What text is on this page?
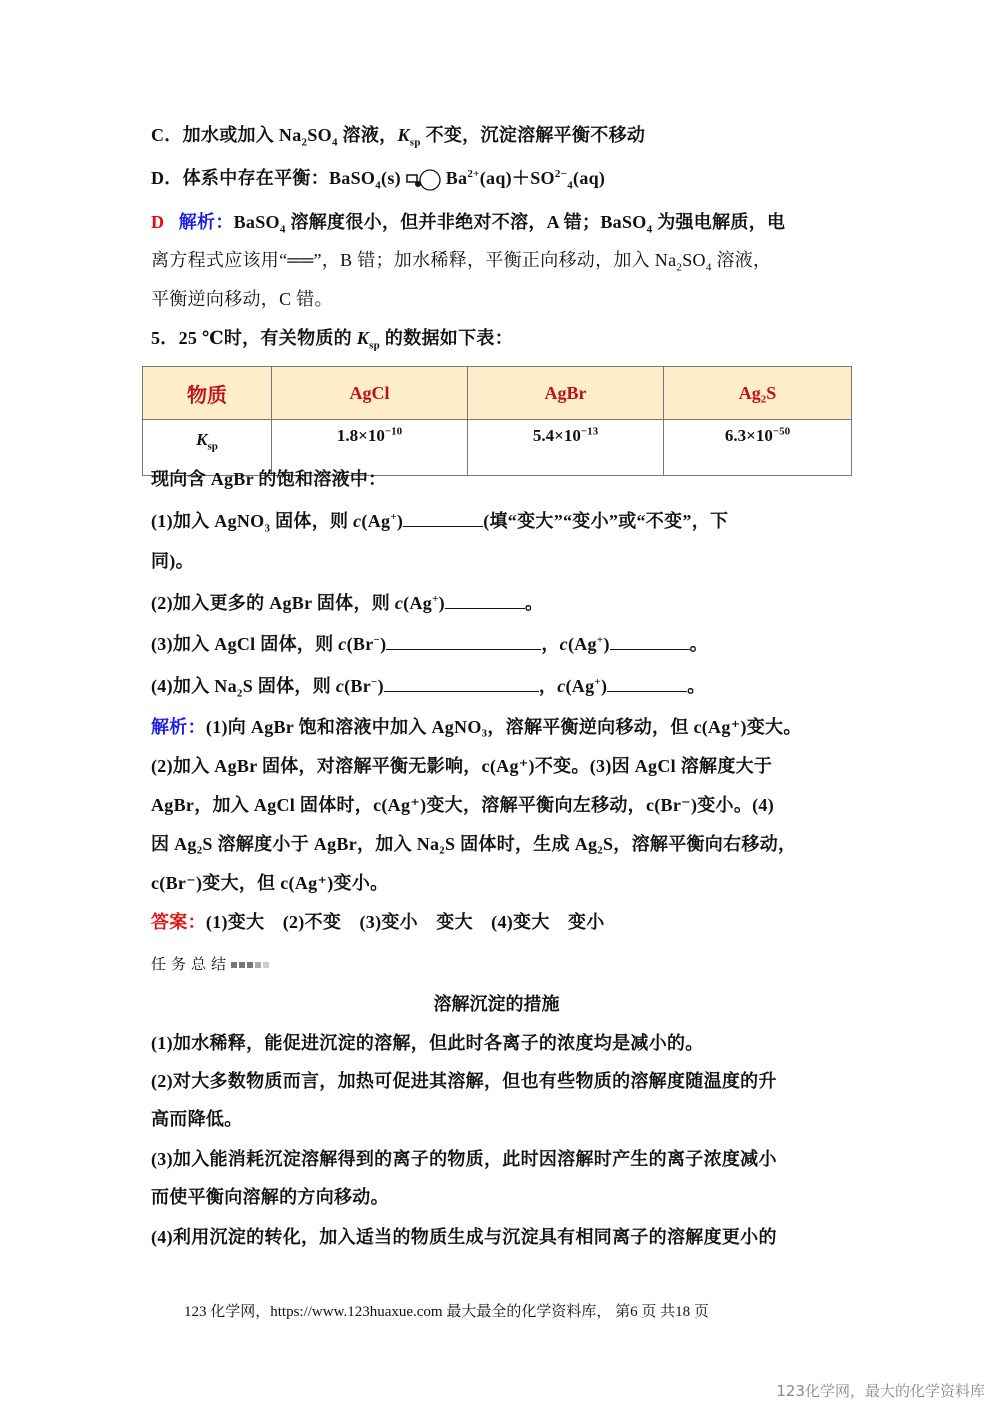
C．加水或加入 $Na_2SO_4$ 溶液，$K_{sp}$ 不变，沉淀溶解平衡不移动
D．体系中存在平衡：BaSO$_4$(s) $Ba^{2+}(aq)+SO^{2-}_4(aq)$
D 解析：BaSO$_4$ 溶解度很小，但并非绝对不溶，A 错；BaSO$_4$ 为强电解质，电
离方程式应该用“══”，B 错；加水稀释，平衡正向移动，加入 $Na_2SO_4$ 溶液，
平衡逆向移动，C 错。
5．25 ℃时，有关物质的 $K_{sp}$ 的数据如下表：
物质	AgCl	AgBr	Ag₂S
$K_{sp}$	$1.8\times 10^{-10}$	$5.4\times 10^{-13}$	$6.3\times 10^{-50}$
现向含 AgBr 的饱和溶液中：
(1)加入 AgNO$_3$ 固体，则 c(Ag+)	(填“变大”“变小”或“不变”，下
同)。
(2)加入更多的 AgBr 固体，则 c(Ag+)	。
(3)加入 AgCl 固体，则 c(Br−)	，c(Ag+)	。
(4)加入 $Na_2S$ 固体，则 c(Br−)	，c(Ag+)	。
解析：(1)向 AgBr 饱和溶液中加入 AgNO₃，溶解平衡逆向移动，但 c(Ag⁺)变大。
(2)加入 AgBr 固体，对溶解平衡无影响，c(Ag⁺)不变。(3)因 AgCl 溶解度大于
AgBr，加入 AgCl 固体时，c(Ag⁺)变大，溶解平衡向左移动，c(Br⁻)变小。(4)
因 Ag₂S 溶解度小于 AgBr，加入 Na₂S 固体时，生成 Ag₂S，溶解平衡向右移动，
c(Br⁻)变大，但 c(Ag⁺)变小。
答案：(1)变大　(2)不变　(3)变小　变大　(4)变大　变小
任务总结
溶解沉淀的措施
(1)加水稀释，能促进沉淀的溶解，但此时各离子的浓度均是减小的。
(2)对大多数物质而言，加热可促进其溶解，但也有些物质的溶解度随温度的升
高而降低。
(3)加入能消耗沉淀溶解得到的离子的物质，此时因溶解时产生的离子浓度减小
而使平衡向溶解的方向移动。
(4)利用沉淀的转化，加入适当的物质生成与沉淀具有相同离子的溶解度更小的
123 化学网，https://www.123huaxue.com 最大最全的化学资料库， 第6 页 共18 页
123化学网，最大的化学资料库
